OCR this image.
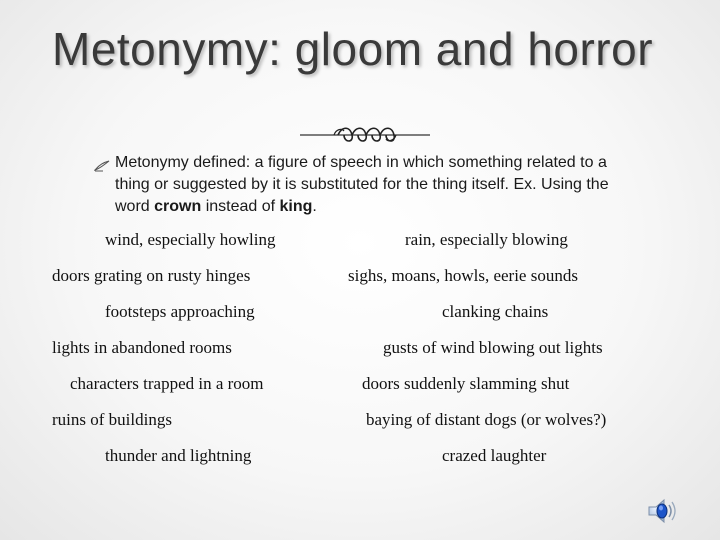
Metonymy: gloom and horror
Metonymy defined: a figure of speech in which something related to a thing or suggested by it is substituted for the thing itself. Ex. Using the word crown instead of king.
wind, especially howling
doors grating on rusty hinges
footsteps approaching
lights in abandoned rooms
characters trapped in a room
ruins of buildings
thunder and lightning
rain, especially blowing
sighs, moans, howls, eerie sounds
clanking chains
gusts of wind blowing out lights
doors suddenly slamming shut
baying of distant dogs (or wolves?)
crazed laughter
